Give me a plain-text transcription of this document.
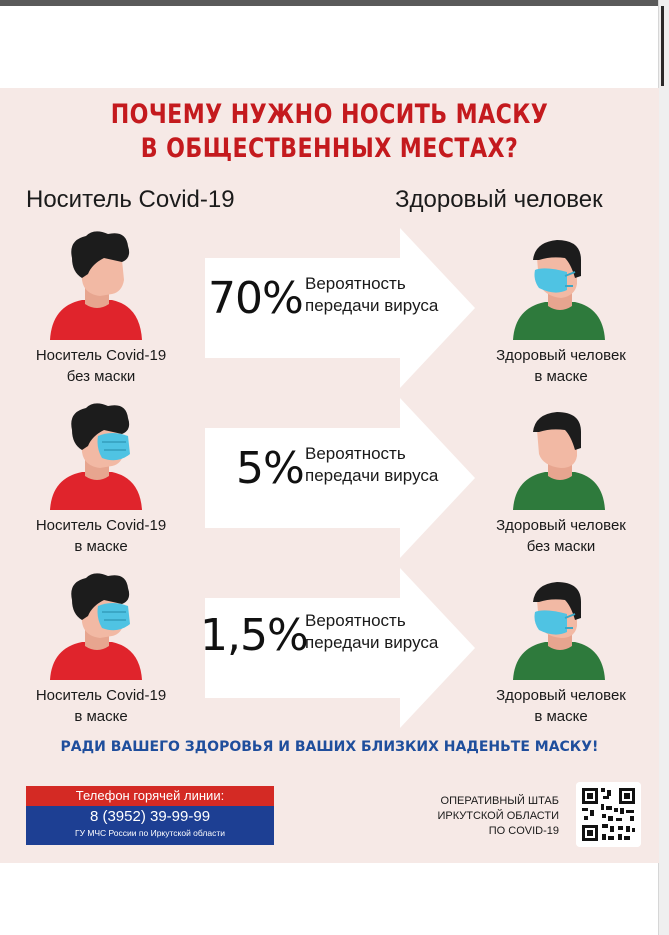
ПОЧЕМУ НУЖНО НОСИТЬ МАСКУ
В ОБЩЕСТВЕННЫХ МЕСТАХ?
Носитель Covid-19	Здоровый человек
Носитель Covid-19
без маски
70% Вероятность
передачи вируса
Здоровый человек
в маске
Носитель Covid-19
в маске
5% Вероятность
передачи вируса
Здоровый человек
без маски
Носитель Covid-19
в маске
1,5%
Вероятность
передачи вируса
Здоровый человек
в маске
РАДИ ВАШЕГО ЗДОРОВЬЯ И ВАШИХ БЛИЗКИХ НАДЕНЬТЕ МАСКУ!
Телефон горячей линии:
8 (3952) 39-99-99
ГУ МЧС России по Иркутской области
ОПЕРАТИВНЫЙ ШТАБ
ИРКУТСКОЙ ОБЛАСТИ
ПО COVID-19
